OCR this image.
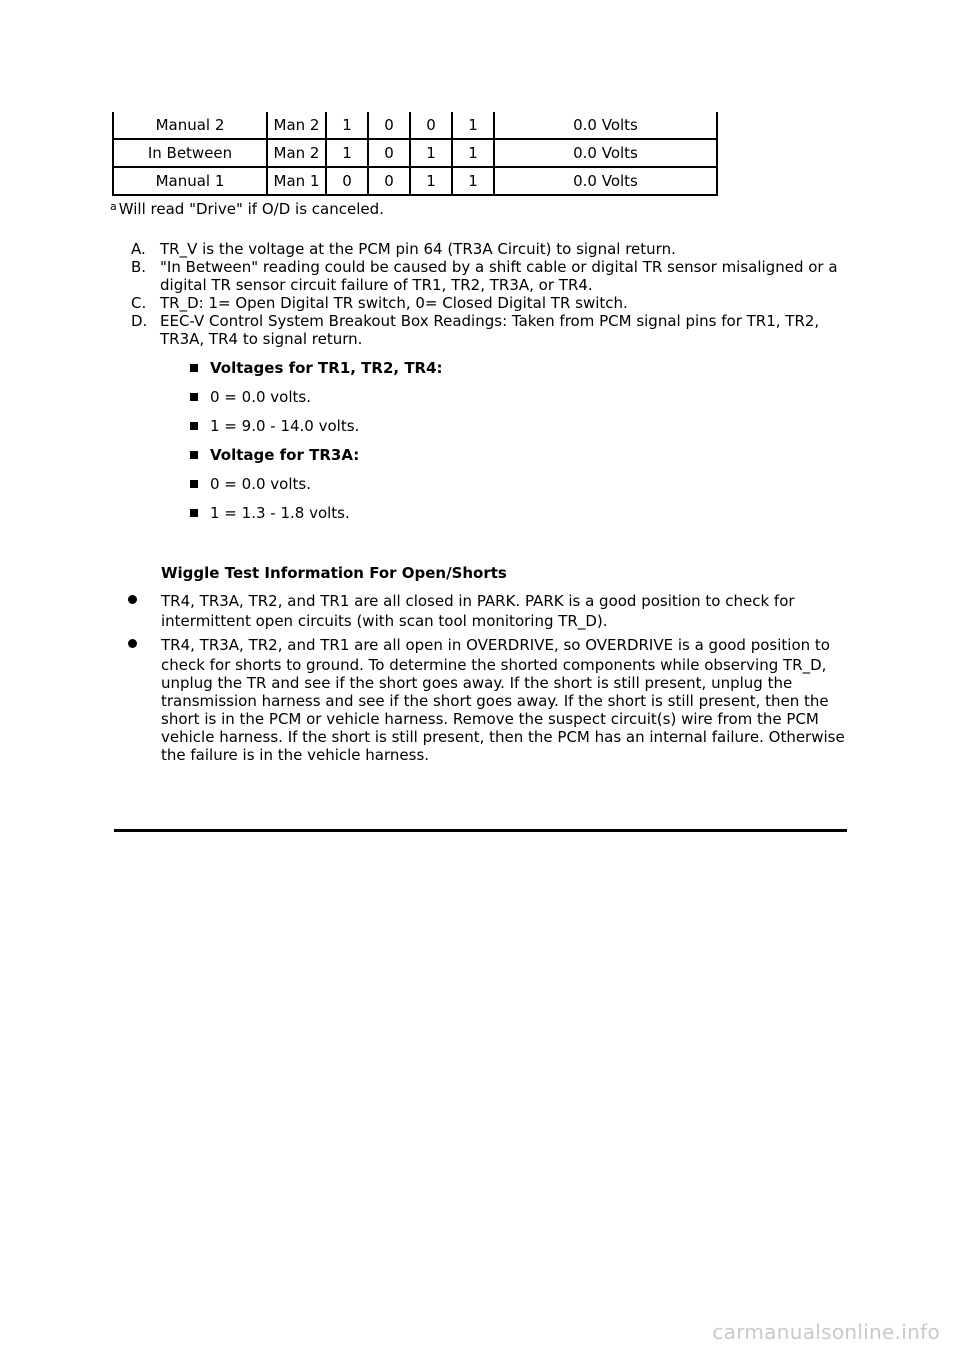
Manual 2	Man 2	1	0	0	1	0.0 Volts
In Between	Man 2	1	0	1	1	0.0 Volts
Manual 1	Man 1	0	0	1	1	0.0 Volts
$^a$ Will read "Drive" if O/D is canceled.
A. TR_V is the voltage at the PCM pin 64 (TR3A Circuit) to signal return.
B. "In Between" reading could be caused by a shift cable or digital TR sensor misaligned or a digital TR sensor circuit failure of TR1, TR2, TR3A, or TR4.
C. TR_D: 1= Open Digital TR switch, 0= Closed Digital TR switch.
D. EEC-V Control System Breakout Box Readings: Taken from PCM signal pins for TR1, TR2, TR3A, TR4 to signal return.
Voltages for TR1, TR2, TR4:
0 = 0.0 volts.
1 = 9.0 - 14.0 volts.
Voltage for TR3A:
0 = 0.0 volts.
1 = 1.3 - 1.8 volts.
Wiggle Test Information For Open/Shorts
TR4, TR3A, TR2, and TR1 are all closed in PARK. PARK is a good position to check for
intermittent open circuits (with scan tool monitoring TR_D).
TR4, TR3A, TR2, and TR1 are all open in OVERDRIVE, so OVERDRIVE is a good position to
check for shorts to ground. To determine the shorted components while observing TR_D, unplug the TR and see if the short goes away. If the short is still present, unplug the transmission harness and see if the short goes away. If the short is still present, then the short is in the PCM or vehicle harness. Remove the suspect circuit(s) wire from the PCM vehicle harness. If the short is still present, then the PCM has an internal failure. Otherwise the failure is in the vehicle harness.
carmanualsonline.info
